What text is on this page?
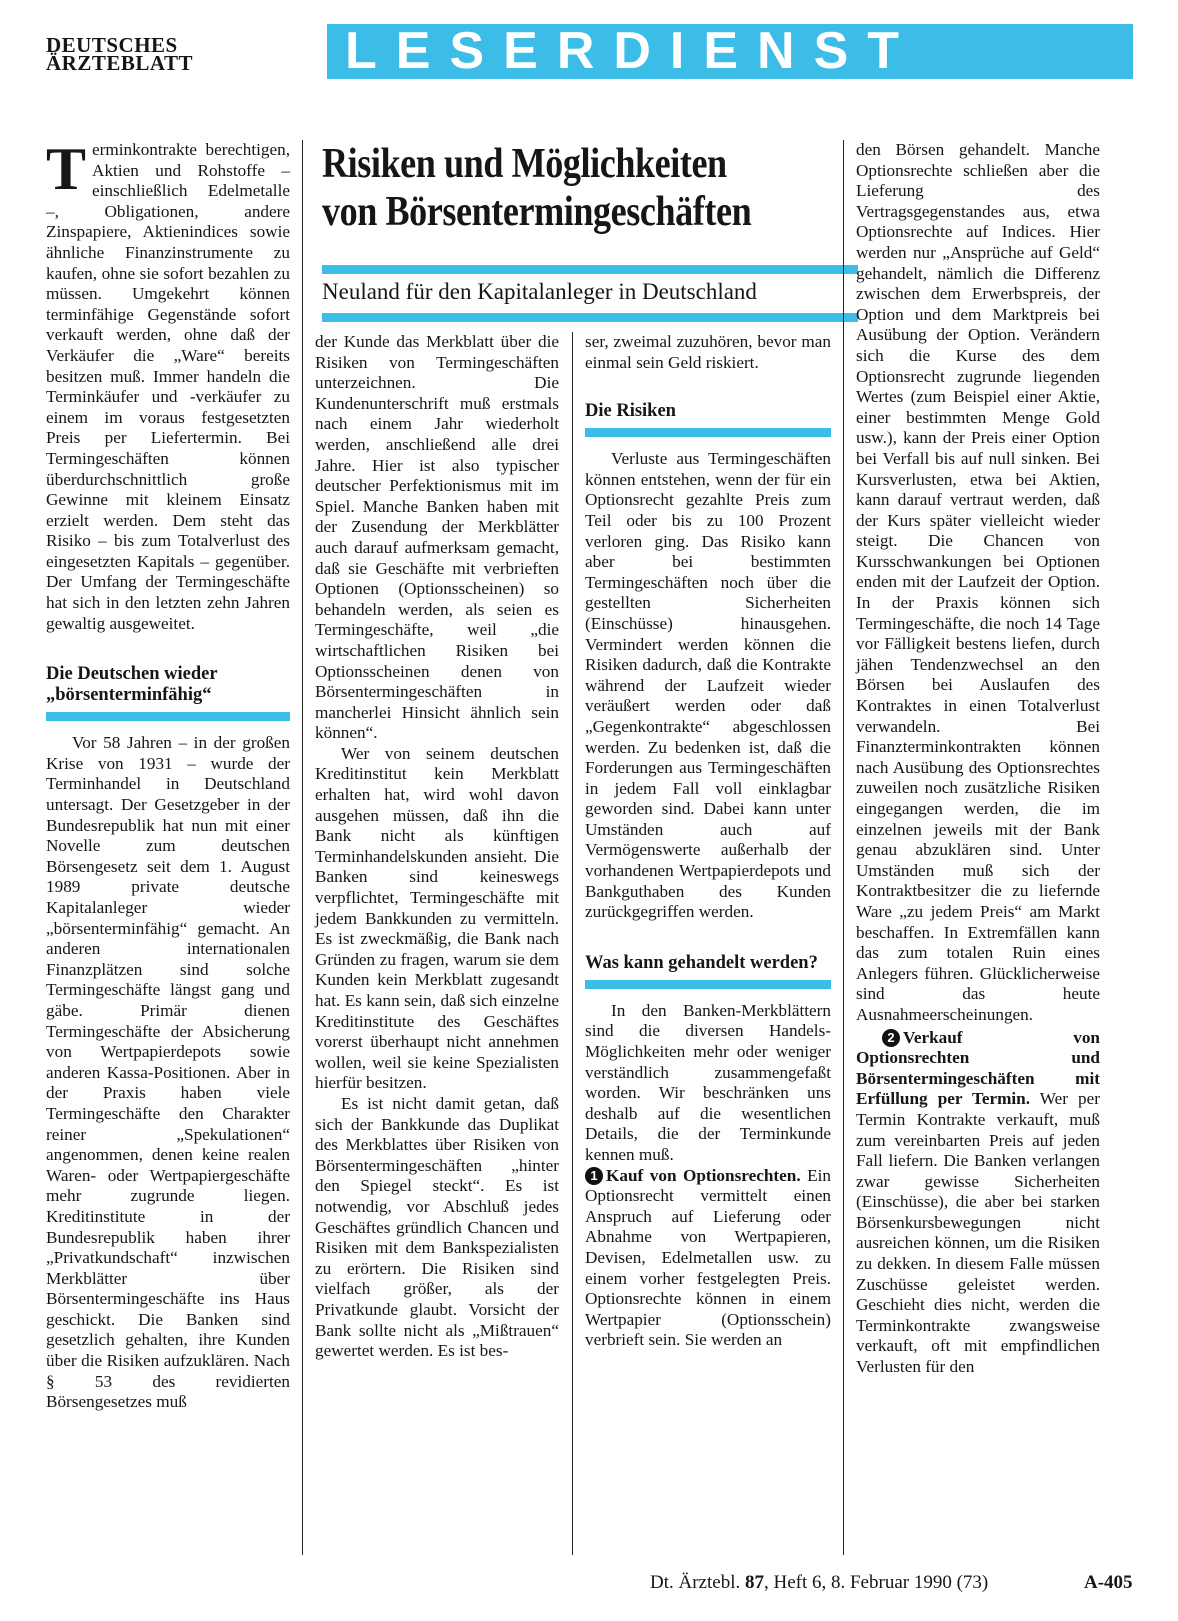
DEUTSCHES
ÄRZTEBLATT	LESERDIENST

Terminkontrakte berechtigen, Aktien und Rohstoffe – einschließlich Edelmetalle –, Obligationen, andere Zinspapiere, Aktienindices sowie ähnliche Finanzinstrumente zu kaufen, ohne sie sofort bezahlen zu müssen. Umgekehrt können terminfähige Gegenstände sofort verkauft werden, ohne daß der Verkäufer die „Ware“ bereits besitzen muß. Immer handeln die Terminkäufer und -verkäufer zu einem im voraus festgesetzten Preis per Liefertermin. Bei Termingeschäften können überdurchschnittlich große Gewinne mit kleinem Einsatz erzielt werden. Dem steht das Risiko – bis zum Totalverlust des eingesetzten Kapitals – gegenüber. Der Umfang der Termingeschäfte hat sich in den letzten zehn Jahren gewaltig ausgeweitet.

Die Deutschen wieder „börsenterminfähig“

Vor 58 Jahren – in der großen Krise von 1931 – wurde der Terminhandel in Deutschland untersagt. Der Gesetzgeber in der Bundesrepublik hat nun mit einer Novelle zum deutschen Börsengesetz seit dem 1. August 1989 private deutsche Kapitalanleger wieder „börsenterminfähig“ gemacht. An anderen internationalen Finanzplätzen sind solche Termingeschäfte längst gang und gäbe. Primär dienen Termingeschäfte der Absicherung von Wertpapierdepots sowie anderen Kassa-Positionen. Aber in der Praxis haben viele Termingeschäfte den Charakter reiner „Spekulationen“ angenommen, denen keine realen Waren- oder Wertpapiergeschäfte mehr zugrunde liegen. Kreditinstitute in der Bundesrepublik haben ihrer „Privatkundschaft“ inzwischen Merkblätter über Börsentermingeschäfte ins Haus geschickt. Die Banken sind gesetzlich gehalten, ihre Kunden über die Risiken aufzuklären. Nach § 53 des revidierten Börsengesetzes muß

Risiken und Möglichkeiten
von Börsentermingeschäften
Neuland für den Kapitalanleger in Deutschland

der Kunde das Merkblatt über die Risiken von Termingeschäften unterzeichnen. Die Kundenunterschrift muß erstmals nach einem Jahr wiederholt werden, anschließend alle drei Jahre. Hier ist also typischer deutscher Perfektionismus mit im Spiel. Manche Banken haben mit der Zusendung der Merkblätter auch darauf aufmerksam gemacht, daß sie Geschäfte mit verbrieften Optionen (Optionsscheinen) so behandeln werden, als seien es Termingeschäfte, weil „die wirtschaftlichen Risiken bei Optionsscheinen denen von Börsentermingeschäften in mancherlei Hinsicht ähnlich sein können“.

Wer von seinem deutschen Kreditinstitut kein Merkblatt erhalten hat, wird wohl davon ausgehen müssen, daß ihn die Bank nicht als künftigen Terminhandelskunden ansieht. Die Banken sind keineswegs verpflichtet, Termingeschäfte mit jedem Bankkunden zu vermitteln. Es ist zweckmäßig, die Bank nach Gründen zu fragen, warum sie dem Kunden kein Merkblatt zugesandt hat. Es kann sein, daß sich einzelne Kreditinstitute des Geschäftes vorerst überhaupt nicht annehmen wollen, weil sie keine Spezialisten hierfür besitzen.

Es ist nicht damit getan, daß sich der Bankkunde das Duplikat des Merkblattes über Risiken von Börsentermingeschäften „hinter den Spiegel steckt“. Es ist notwendig, vor Abschluß jedes Geschäftes gründlich Chancen und Risiken mit dem Bankspezialisten zu erörtern. Die Risiken sind vielfach größer, als der Privatkunde glaubt. Vorsicht der Bank sollte nicht als „Mißtrauen“ gewertet werden. Es ist bes-

ser, zweimal zuzuhören, bevor man einmal sein Geld riskiert.

Die Risiken

Verluste aus Termingeschäften können entstehen, wenn der für ein Optionsrecht gezahlte Preis zum Teil oder bis zu 100 Prozent verloren ging. Das Risiko kann aber bei bestimmten Termingeschäften noch über die gestellten Sicherheiten (Einschüsse) hinausgehen. Vermindert werden können die Risiken dadurch, daß die Kontrakte während der Laufzeit wieder veräußert werden oder daß „Gegenkontrakte“ abgeschlossen werden. Zu bedenken ist, daß die Forderungen aus Termingeschäften in jedem Fall voll einklagbar geworden sind. Dabei kann unter Umständen auch auf Vermögenswerte außerhalb der vorhandenen Wertpapierdepots und Bankguthaben des Kunden zurückgegriffen werden.

Was kann gehandelt werden?

In den Banken-Merkblättern sind die diversen Handels-Möglichkeiten mehr oder weniger verständlich zusammengefaßt worden. Wir beschränken uns deshalb auf die wesentlichen Details, die der Terminkunde kennen muß.

1 Kauf von Optionsrechten. Ein Optionsrecht vermittelt einen Anspruch auf Lieferung oder Abnahme von Wertpapieren, Devisen, Edelmetallen usw. zu einem vorher festgelegten Preis. Optionsrechte können in einem Wertpapier (Optionsschein) verbrieft sein. Sie werden an

den Börsen gehandelt. Manche Optionsrechte schließen aber die Lieferung des Vertragsgegenstandes aus, etwa Optionsrechte auf Indices. Hier werden nur „Ansprüche auf Geld“ gehandelt, nämlich die Differenz zwischen dem Erwerbspreis, der Option und dem Marktpreis bei Ausübung der Option. Verändern sich die Kurse des dem Optionsrecht zugrunde liegenden Wertes (zum Beispiel einer Aktie, einer bestimmten Menge Gold usw.), kann der Preis einer Option bei Verfall bis auf null sinken. Bei Kursverlusten, etwa bei Aktien, kann darauf vertraut werden, daß der Kurs später vielleicht wieder steigt. Die Chancen von Kursschwankungen bei Optionen enden mit der Laufzeit der Option. In der Praxis können sich Termingeschäfte, die noch 14 Tage vor Fälligkeit bestens liefen, durch jähen Tendenzwechsel an den Börsen bei Auslaufen des Kontraktes in einen Totalverlust verwandeln. Bei Finanzterminkontrakten können nach Ausübung des Optionsrechtes zuweilen noch zusätzliche Risiken eingegangen werden, die im einzelnen jeweils mit der Bank genau abzuklären sind. Unter Umständen muß sich der Kontraktbesitzer die zu liefernde Ware „zu jedem Preis“ am Markt beschaffen. In Extremfällen kann das zum totalen Ruin eines Anlegers führen. Glücklicherweise sind das heute Ausnahmeerscheinungen.

2 Verkauf von Optionsrechten und Börsentermingeschäften mit Erfüllung per Termin. Wer per Termin Kontrakte verkauft, muß zum vereinbarten Preis auf jeden Fall liefern. Die Banken verlangen zwar gewisse Sicherheiten (Einschüsse), die aber bei starken Börsenkursbewegungen nicht ausreichen können, um die Risiken zu dekken. In diesem Falle müssen Zuschüsse geleistet werden. Geschieht dies nicht, werden die Terminkontrakte zwangsweise verkauft, oft mit empfindlichen Verlusten für den

Dt. Ärztebl. 87, Heft 6, 8. Februar 1990 (73)	A-405
